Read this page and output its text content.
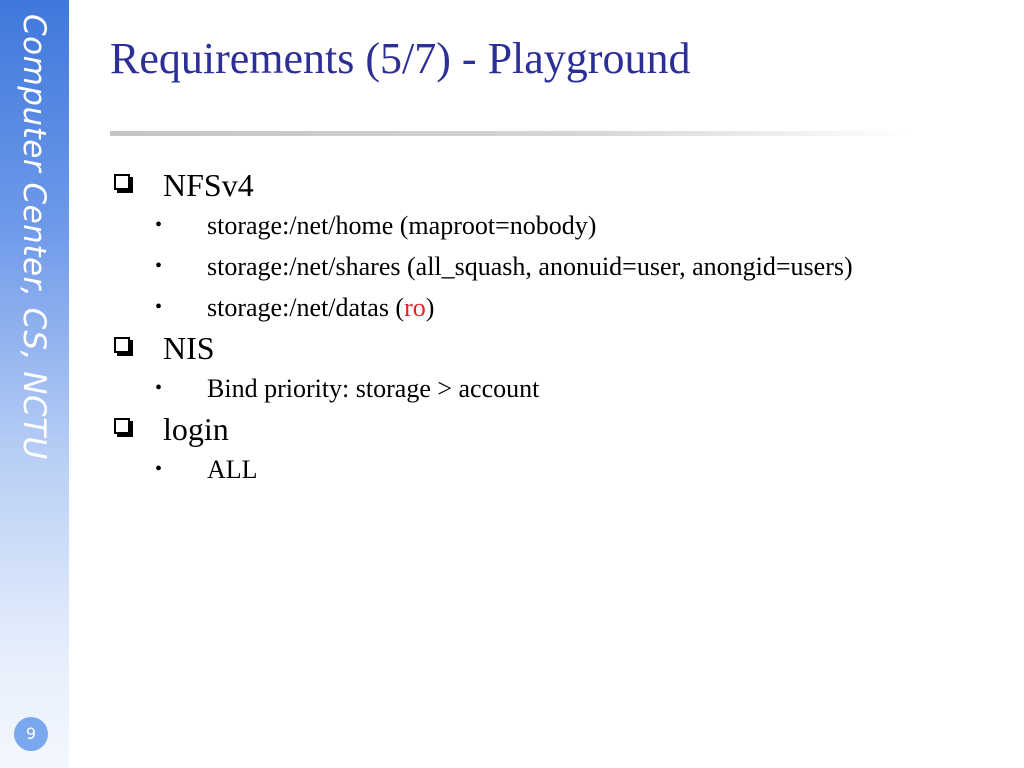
Computer Center, CS, NCTU
9
Requirements (5/7) - Playground
NFSv4
• storage:/net/home (maproot=nobody)
• storage:/net/shares (all_squash, anonuid=user, anongid=users)
• storage:/net/datas (ro)
NIS
• Bind priority: storage > account
login
• ALL
